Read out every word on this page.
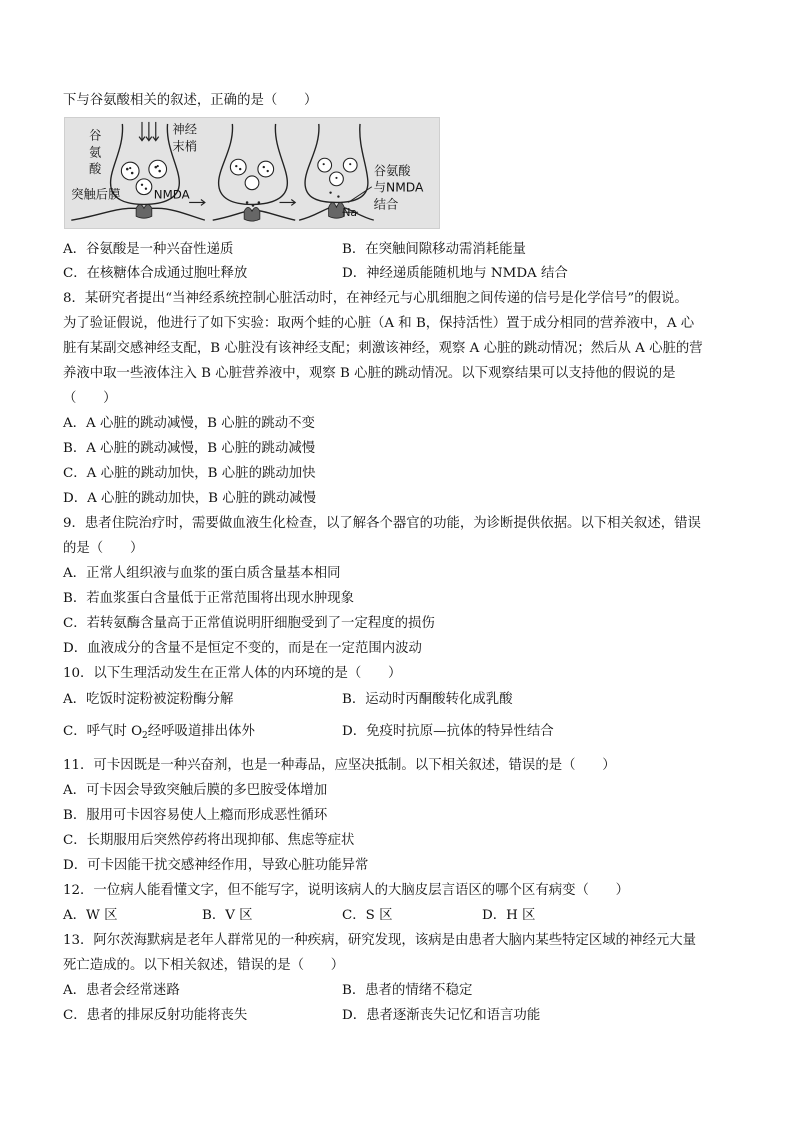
下与谷氨酸相关的叙述，正确的是（　　）
谷
氨
酸
神经
末梢
突触后膜	NMDA
谷氨酸
与NMDA
结合
Na
A．谷氨酸是一种兴奋性递质	B．在突触间隙移动需消耗能量
C．在核糖体合成通过胞吐释放	D．神经递质能随机地与 NMDA 结合
8．某研究者提出“当神经系统控制心脏活动时，在神经元与心肌细胞之间传递的信号是化学信号”的假说。
为了验证假说，他进行了如下实验：取两个蛙的心脏（A 和 B，保持活性）置于成分相同的营养液中，A 心
脏有某副交感神经支配，B 心脏没有该神经支配；刺激该神经，观察 A 心脏的跳动情况；然后从 A 心脏的营
养液中取一些液体注入 B 心脏营养液中，观察 B 心脏的跳动情况。以下观察结果可以支持他的假说的是
（　　）
A．A 心脏的跳动减慢，B 心脏的跳动不变
B．A 心脏的跳动减慢，B 心脏的跳动减慢
C．A 心脏的跳动加快，B 心脏的跳动加快
D．A 心脏的跳动加快，B 心脏的跳动减慢
9．患者住院治疗时，需要做血液生化检查，以了解各个器官的功能，为诊断提供依据。以下相关叙述，错误
的是（　　）
A．正常人组织液与血浆的蛋白质含量基本相同
B．若血浆蛋白含量低于正常范围将出现水肿现象
C．若转氨酶含量高于正常值说明肝细胞受到了一定程度的损伤
D．血液成分的含量不是恒定不变的，而是在一定范围内波动
10．以下生理活动发生在正常人体的内环境的是（　　）
A．吃饭时淀粉被淀粉酶分解	B．运动时丙酮酸转化成乳酸
C．呼气时 $O_2$经呼吸道排出体外	D．免疫时抗原—抗体的特异性结合
11．可卡因既是一种兴奋剂，也是一种毒品，应坚决抵制。以下相关叙述，错误的是（　　）
A．可卡因会导致突触后膜的多巴胺受体增加
B．服用可卡因容易使人上瘾而形成恶性循环
C．长期服用后突然停药将出现抑郁、焦虑等症状
D．可卡因能干扰交感神经作用，导致心脏功能异常
12．一位病人能看懂文字，但不能写字，说明该病人的大脑皮层言语区的哪个区有病变（　　）
A．W 区	B．V 区	C．S 区	D．H 区
13．阿尔茨海默病是老年人群常见的一种疾病，研究发现，该病是由患者大脑内某些特定区域的神经元大量
死亡造成的。以下相关叙述，错误的是（　　）
A．患者会经常迷路	B．患者的情绪不稳定
C．患者的排尿反射功能将丧失	D．患者逐渐丧失记忆和语言功能
